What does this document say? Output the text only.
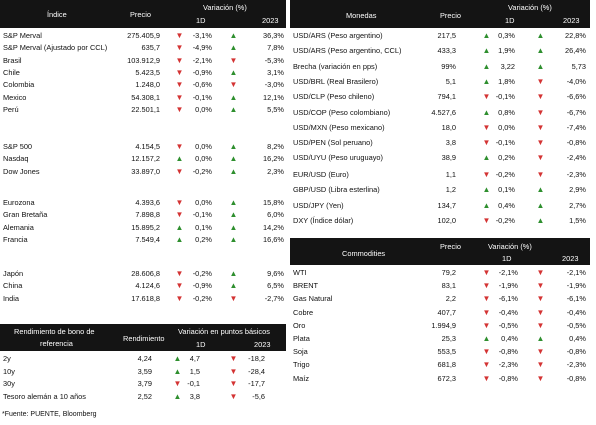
Índice	Precio
Variación (%)
1D	2023
S&P Merval	275.405,9 ▼ -3,1% ▲	36,3%
S&P Merval (Ajustado por CCL)	635,7 ▼ -4,9% ▲	7,8%
Brasil	103.912,9 ▼ -2,1% ▼	-5,3%
Chile	5.423,5 ▼ -0,9% ▲	3,1%
Colombia	1.248,0 ▼ -0,6% ▼	-3,0%
Mexico	54.308,1 ▼ -0,1% ▲	12,1%
Perú	22.501,1 ▼ 0,0% ▲	5,5%
S&P 500	4.154,5 ▼ 0,0% ▲	8,2%
Nasdaq	12.157,2 ▲ 0,0% ▲	16,2%
Dow Jones	33.897,0 ▼ -0,2% ▲	2,3%
Eurozona	4.393,6 ▼ 0,0% ▲	15,8%
Gran Bretaña	7.898,8 ▼ -0,1% ▲	6,0%
Alemania	15.895,2 ▲ 0,1% ▲	14,2%
Francia	7.549,4 ▲ 0,2% ▲	16,6%
Japón	28.606,8 ▼ -0,2% ▲	9,6%
China	4.124,6 ▼ -0,9% ▲	6,5%
India	17.618,8 ▼ -0,2% ▼	-2,7%
Monedas	Precio
Variación (%)
1D	2023
USD/ARS (Peso argentino)	217,5	▲ 0,3%	▲	22,8%
USD/ARS (Peso argentino, CCL)	433,3	▲ 1,9%	▲	26,4%
Brecha (variación en pps)	99%	▲ 3,22	▲	5,73
USD/BRL (Real Brasilero)	5,1	▲ 1,8%	▼	-4,0%
USD/CLP (Peso chileno)	794,1	▼ -0,1%	▼	-6,6%
USD/COP (Peso colombiano)	4.527,6	▲ 0,8%	▼	-6,7%
USD/MXN (Peso mexicano)	18,0	▼ 0,0%	▼	-7,4%
USD/PEN (Sol peruano)	3,8	▼ -0,1%	▼	-0,8%
USD/UYU (Peso uruguayo)	38,9	▲ 0,2%	▼	-2,4%
EUR/USD (Euro)	1,1	▼ -0,2%	▼	-2,3%
GBP/USD (Libra esterlina)	1,2	▲ 0,1%	▲	2,9%
USD/JPY (Yen)	134,7	▲ 0,4%	▲	2,7%
DXY (Índice dólar)	102,0	▼ -0,2%	▲	1,5%
Commodities
Precio	Variación (%)
1D	2023
WTI	79,2	▼ -2,1% ▼	-2,1%
BRENT	83,1	▼ -1,9% ▼	-1,9%
Gas Natural	2,2	▼ -6,1% ▼	-6,1%
Cobre	407,7	▼ -0,4% ▼	-0,4%
Oro	1.994,9	▼ -0,5% ▼	-0,5%
Plata	25,3	▲ 0,4% ▲	0,4%
Soja	553,5	▼ -0,8% ▼	-0,8%
Trigo	681,8	▼ -2,3% ▼	-2,3%
Maíz	672,3	▼ -0,8% ▼	-0,8%
Rendimiento de bono de
referencia
Rendimiento
Variación en puntos básicos
1D	2023
2y	4,24	▲ 4,7	▼ -18,2
10y	3,59	▲ 1,5	▼ -28,4
30y	3,79	▼ -0,1	▼ -17,7
Tesoro alemán a 10 años	2,52	▲ 3,8	▼ -5,6
*Fuente: PUENTE, Bloomberg
